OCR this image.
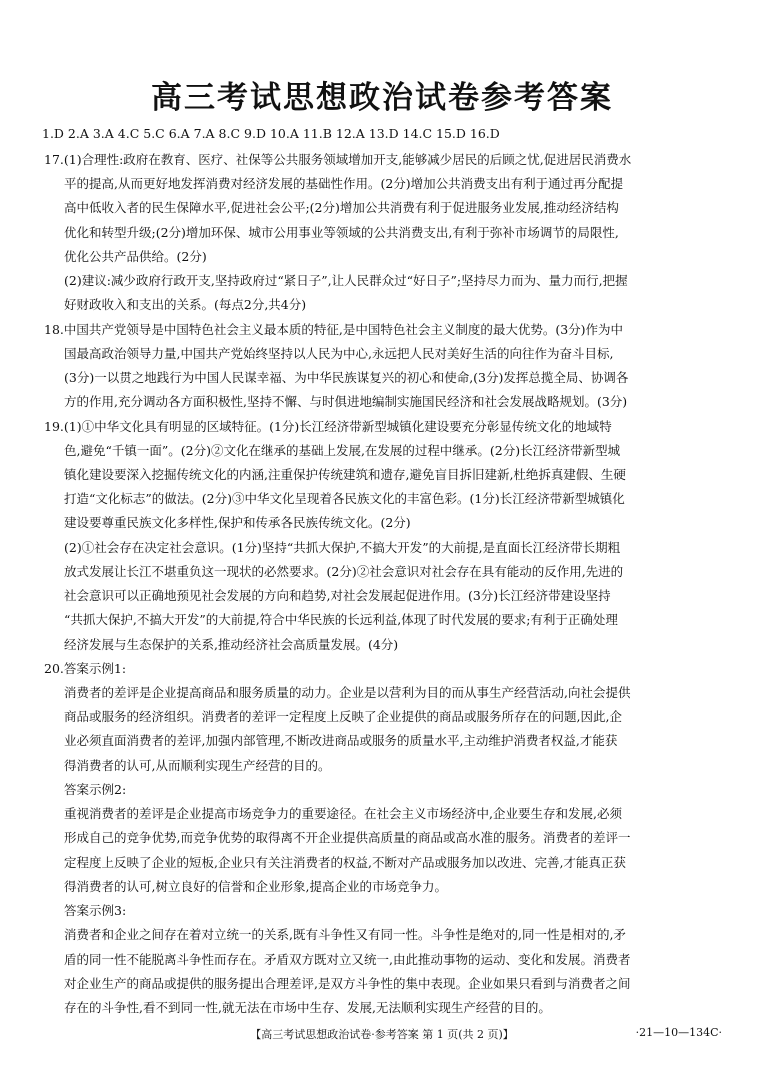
高三考试思想政治试卷参考答案
1.D 2.A 3.A 4.C 5.C 6.A 7.A 8.C 9.D 10.A 11.B 12.A 13.D 14.C 15.D 16.D
17.(1)合理性:政府在教育、医疗、社保等公共服务领域增加开支,能够减少居民的后顾之忧,促进居民消费水
平的提高,从而更好地发挥消费对经济发展的基础性作用。(2分)增加公共消费支出有利于通过再分配提
高中低收入者的民生保障水平,促进社会公平;(2分)增加公共消费有利于促进服务业发展,推动经济结构
优化和转型升级;(2分)增加环保、城市公用事业等领域的公共消费支出,有利于弥补市场调节的局限性,
优化公共产品供给。(2分)
(2)建议:减少政府行政开支,坚持政府过“紧日子”,让人民群众过“好日子”;坚持尽力而为、量力而行,把握
好财政收入和支出的关系。(每点2分,共4分)
18.中国共产党领导是中国特色社会主义最本质的特征,是中国特色社会主义制度的最大优势。(3分)作为中
国最高政治领导力量,中国共产党始终坚持以人民为中心,永远把人民对美好生活的向往作为奋斗目标,
(3分)一以贯之地践行为中国人民谋幸福、为中华民族谋复兴的初心和使命,(3分)发挥总揽全局、协调各
方的作用,充分调动各方面积极性,坚持不懈、与时俱进地编制实施国民经济和社会发展战略规划。(3分)
19.(1)①中华文化具有明显的区域特征。(1分)长江经济带新型城镇化建设要充分彰显传统文化的地域特
色,避免“千镇一面”。(2分)②文化在继承的基础上发展,在发展的过程中继承。(2分)长江经济带新型城
镇化建设要深入挖掘传统文化的内涵,注重保护传统建筑和遗存,避免盲目拆旧建新,杜绝拆真建假、生硬
打造“文化标志”的做法。(2分)③中华文化呈现着各民族文化的丰富色彩。(1分)长江经济带新型城镇化
建设要尊重民族文化多样性,保护和传承各民族传统文化。(2分)
(2)①社会存在决定社会意识。(1分)坚持“共抓大保护,不搞大开发”的大前提,是直面长江经济带长期粗
放式发展让长江不堪重负这一现状的必然要求。(2分)②社会意识对社会存在具有能动的反作用,先进的
社会意识可以正确地预见社会发展的方向和趋势,对社会发展起促进作用。(3分)长江经济带建设坚持
“共抓大保护,不搞大开发”的大前提,符合中华民族的长远利益,体现了时代发展的要求;有利于正确处理
经济发展与生态保护的关系,推动经济社会高质量发展。(4分)
20.答案示例1:
消费者的差评是企业提高商品和服务质量的动力。企业是以营利为目的而从事生产经营活动,向社会提供
商品或服务的经济组织。消费者的差评一定程度上反映了企业提供的商品或服务所存在的问题,因此,企
业必须直面消费者的差评,加强内部管理,不断改进商品或服务的质量水平,主动维护消费者权益,才能获
得消费者的认可,从而顺利实现生产经营的目的。
答案示例2:
重视消费者的差评是企业提高市场竞争力的重要途径。在社会主义市场经济中,企业要生存和发展,必须
形成自己的竞争优势,而竞争优势的取得离不开企业提供高质量的商品或高水准的服务。消费者的差评一
定程度上反映了企业的短板,企业只有关注消费者的权益,不断对产品或服务加以改进、完善,才能真正获
得消费者的认可,树立良好的信誉和企业形象,提高企业的市场竞争力。
答案示例3:
消费者和企业之间存在着对立统一的关系,既有斗争性又有同一性。斗争性是绝对的,同一性是相对的,矛
盾的同一性不能脱离斗争性而存在。矛盾双方既对立又统一,由此推动事物的运动、变化和发展。消费者
对企业生产的商品或提供的服务提出合理差评,是双方斗争性的集中表现。企业如果只看到与消费者之间
存在的斗争性,看不到同一性,就无法在市场中生存、发展,无法顺利实现生产经营的目的。
【高三考试思想政治试卷·参考答案 第 1 页(共 2 页)】	·21—10—134C·
